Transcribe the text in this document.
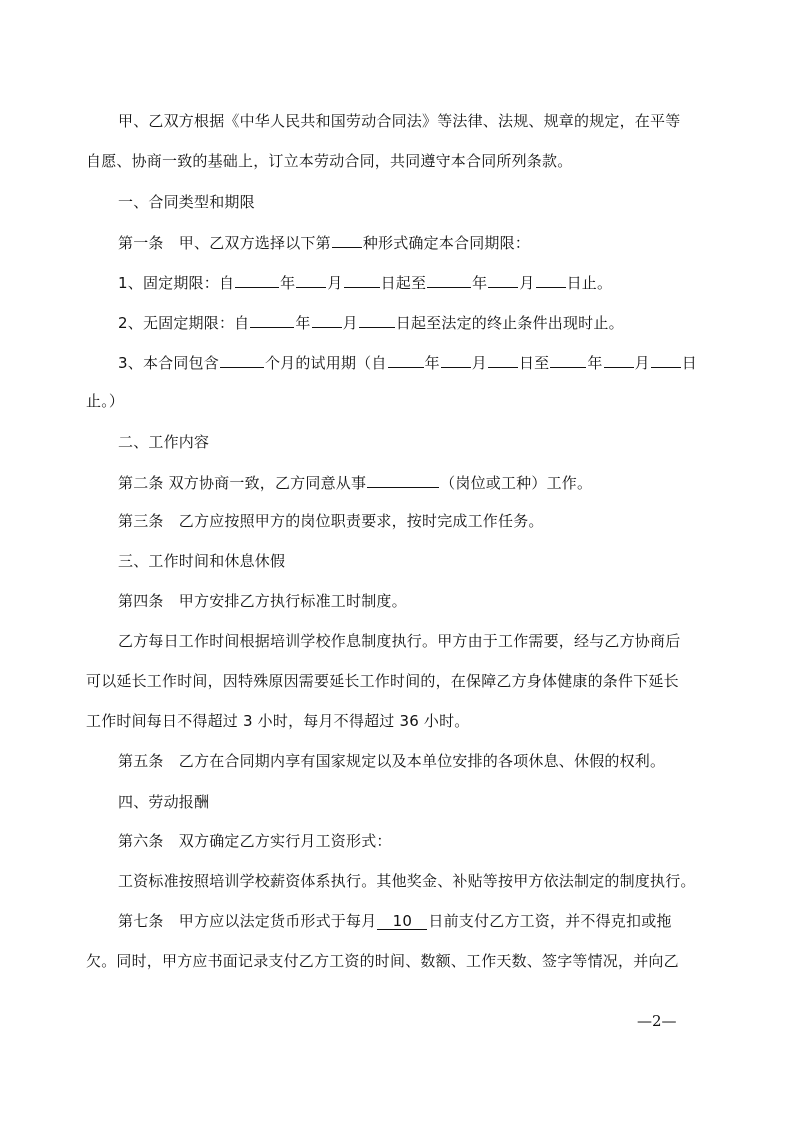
甲、乙双方根据《中华人民共和国劳动合同法》等法律、法规、规章的规定，在平等
自愿、协商一致的基础上，订立本劳动合同，共同遵守本合同所列条款。
一、合同类型和期限
第一条　甲、乙双方选择以下第 种形式确定本合同期限：
1、固定期限：自	年 月	日起至	年 月 日止。
2、无固定期限：自	年 月	日起至法定的终止条件出现时止。
3、本合同包含	个月的试用期（自	年 月 日至	年 月 日
止。）
二、工作内容
第二条 双方协商一致，乙方同意从事	（岗位或工种）工作。
第三条　乙方应按照甲方的岗位职责要求，按时完成工作任务。
三、工作时间和休息休假
第四条　甲方安排乙方执行标准工时制度。
乙方每日工作时间根据培训学校作息制度执行。甲方由于工作需要，经与乙方协商后
可以延长工作时间，因特殊原因需要延长工作时间的，在保障乙方身体健康的条件下延长
工作时间每日不得超过 3 小时，每月不得超过 36 小时。
第五条　乙方在合同期内享有国家规定以及本单位安排的各项休息、休假的权利。
四、劳动报酬
第六条　双方确定乙方实行月工资形式：
工资标准按照培训学校薪资体系执行。其他奖金、补贴等按甲方依法制定的制度执行。
第七条　甲方应以法定货币形式于每月 10 日前支付乙方工资，并不得克扣或拖
欠。同时，甲方应书面记录支付乙方工资的时间、数额、工作天数、签字等情况，并向乙
—2—
